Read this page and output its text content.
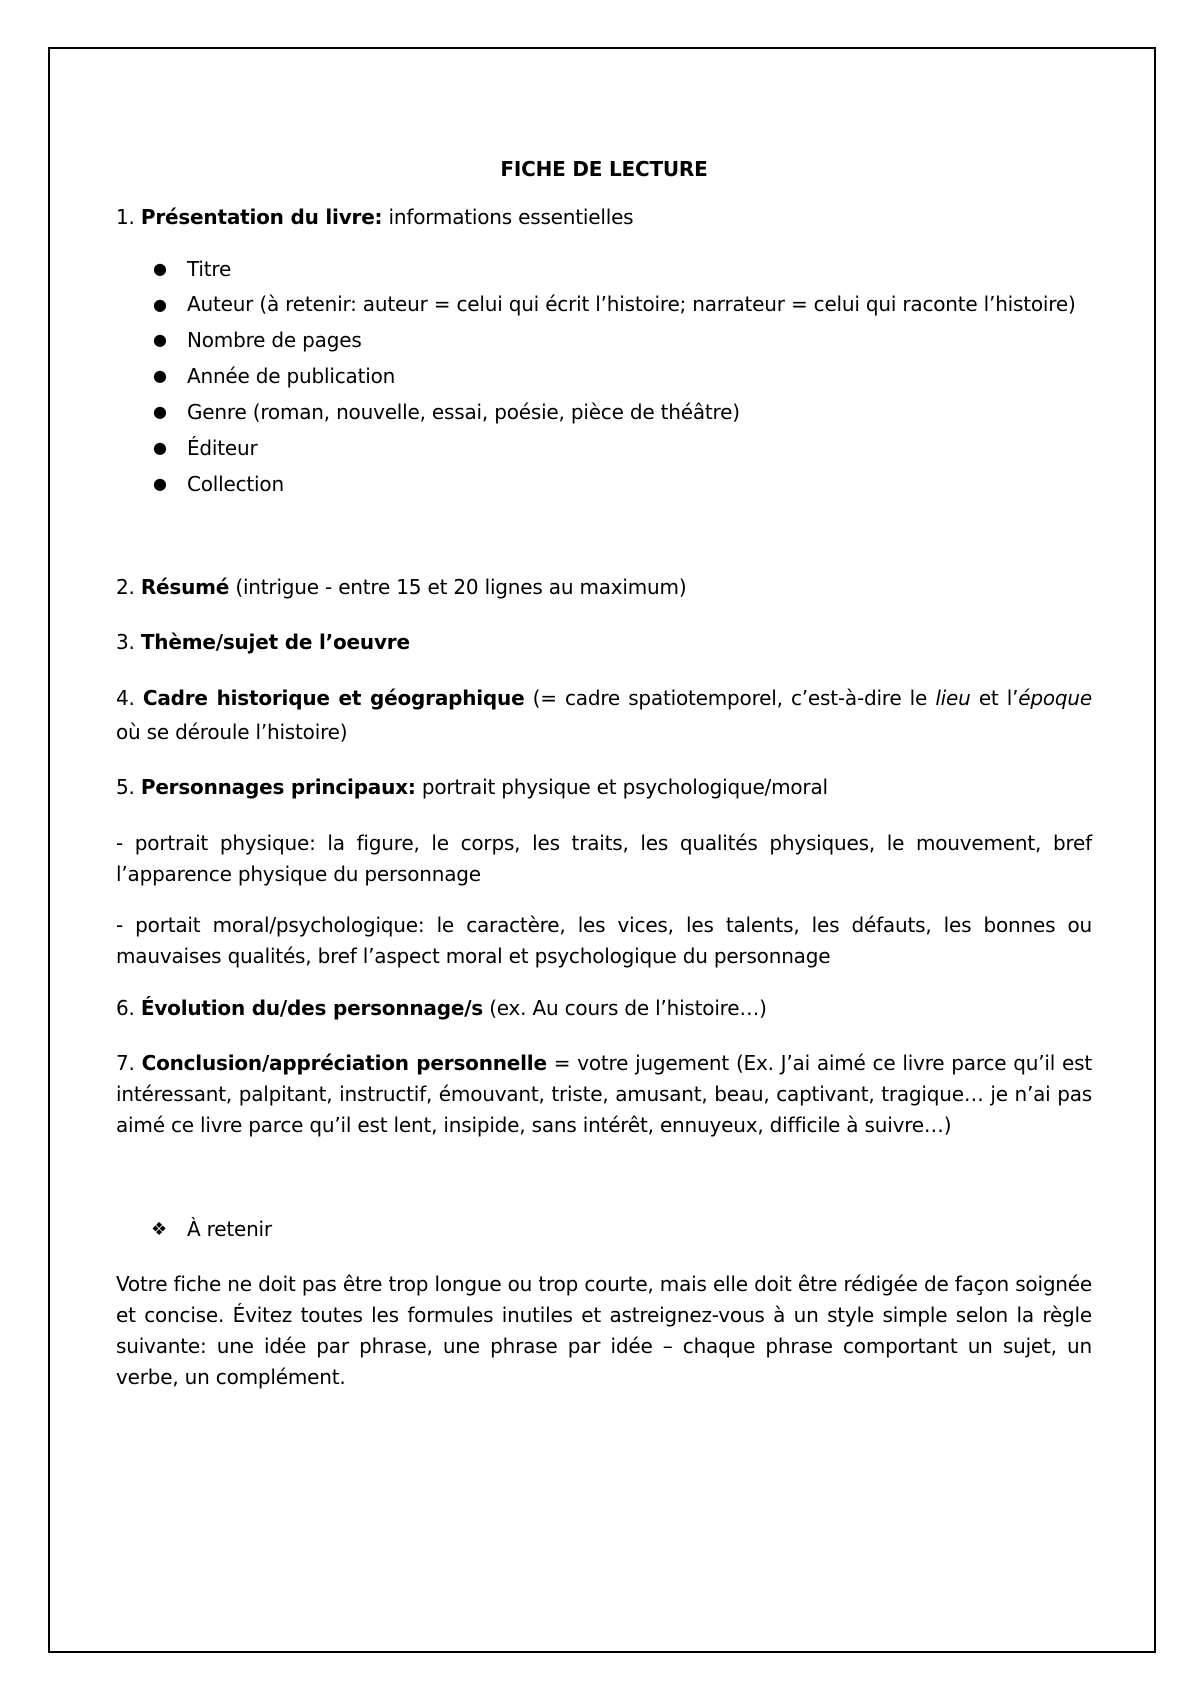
FICHE DE LECTURE

1. Présentation du livre: informations essentielles

● Titre
● Auteur (à retenir: auteur = celui qui écrit l’histoire; narrateur = celui qui raconte l’histoire)
● Nombre de pages
● Année de publication
● Genre (roman, nouvelle, essai, poésie, pièce de théâtre)
● Éditeur
● Collection

2. Résumé (intrigue - entre 15 et 20 lignes au maximum)

3. Thème/sujet de l’oeuvre

4. Cadre historique et géographique (= cadre spatiotemporel, c’est-à-dire le lieu et l’époque où se déroule l’histoire)

5. Personnages principaux: portrait physique et psychologique/moral

- portrait physique: la figure, le corps, les traits, les qualités physiques, le mouvement, bref l’apparence physique du personnage

- portait moral/psychologique: le caractère, les vices, les talents, les défauts, les bonnes ou mauvaises qualités, bref l’aspect moral et psychologique du personnage

6. Évolution du/des personnage/s (ex. Au cours de l’histoire…)

7. Conclusion/appréciation personnelle = votre jugement (Ex. J’ai aimé ce livre parce qu’il est intéressant, palpitant, instructif, émouvant, triste, amusant, beau, captivant, tragique… je n’ai pas aimé ce livre parce qu’il est lent, insipide, sans intérêt, ennuyeux, difficile à suivre…)

❖ À retenir

Votre fiche ne doit pas être trop longue ou trop courte, mais elle doit être rédigée de façon soignée et concise. Évitez toutes les formules inutiles et astreignez-vous à un style simple selon la règle suivante: une idée par phrase, une phrase par idée – chaque phrase comportant un sujet, un verbe, un complément.
